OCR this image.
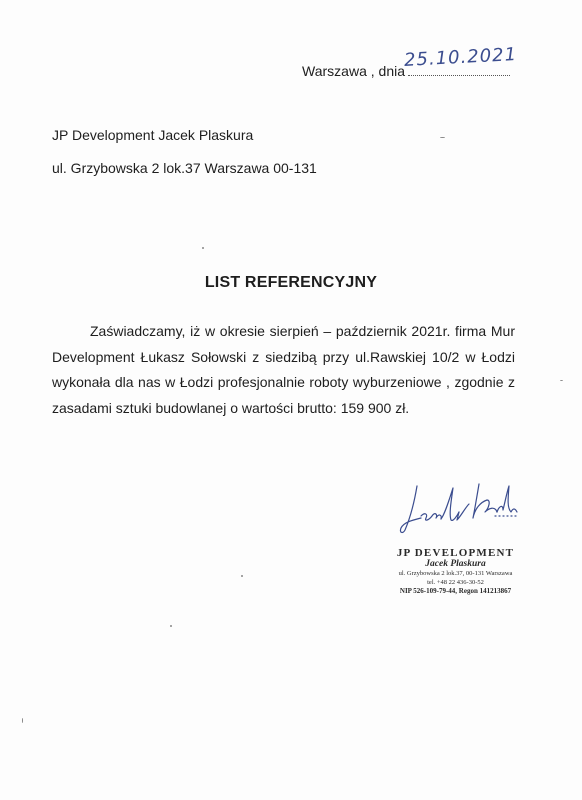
Warszawa , dnia
25.10.2021
JP Development Jacek Plaskura
ul. Grzybowska 2 lok.37 Warszawa 00-131
LIST REFERENCYJNY
Zaświadczamy, iż w okresie sierpień – październik 2021r. firma Mur Development Łukasz Sołowski z siedzibą przy ul.Rawskiej 10/2 w Łodzi wykonała dla nas w Łodzi profesjonalnie roboty wyburzeniowe , zgodnie z zasadami sztuki budowlanej o wartości brutto: 159 900 zł.
JP DEVELOPMENT
Jacek Plaskura
ul. Grzybowska 2 lok.37, 00-131 Warszawa
tel. +48 22 436-30-52
NIP 526-109-79-44, Regon 141213867
